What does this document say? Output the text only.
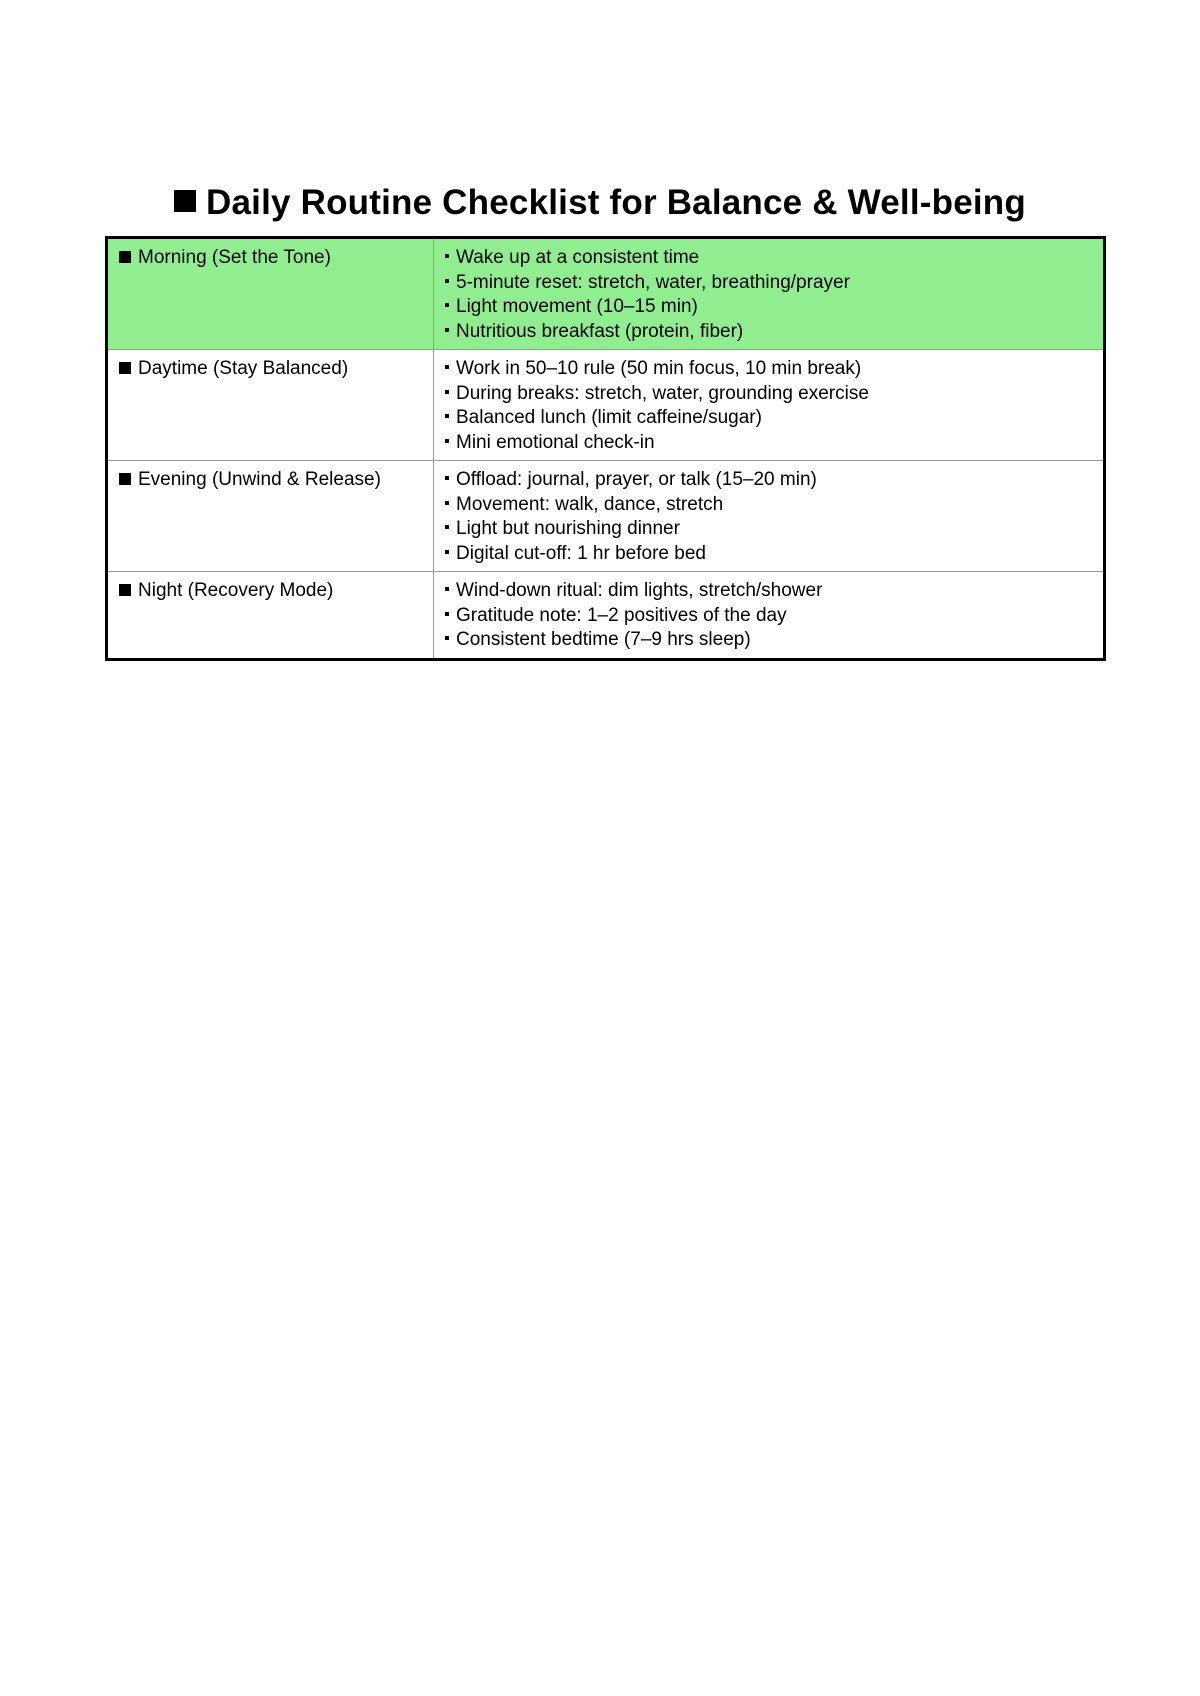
Daily Routine Checklist for Balance & Well-being
Morning (Set the Tone)	Wake up at a consistent time
5-minute reset: stretch, water, breathing/prayer
Light movement (10–15 min)
Nutritious breakfast (protein, fiber)

Daytime (Stay Balanced)	Work in 50–10 rule (50 min focus, 10 min break)
During breaks: stretch, water, grounding exercise
Balanced lunch (limit caffeine/sugar)
Mini emotional check-in

Evening (Unwind & Release)	Offload: journal, prayer, or talk (15–20 min)
Movement: walk, dance, stretch
Light but nourishing dinner
Digital cut-off: 1 hr before bed

Night (Recovery Mode)	Wind-down ritual: dim lights, stretch/shower
Gratitude note: 1–2 positives of the day
Consistent bedtime (7–9 hrs sleep)
